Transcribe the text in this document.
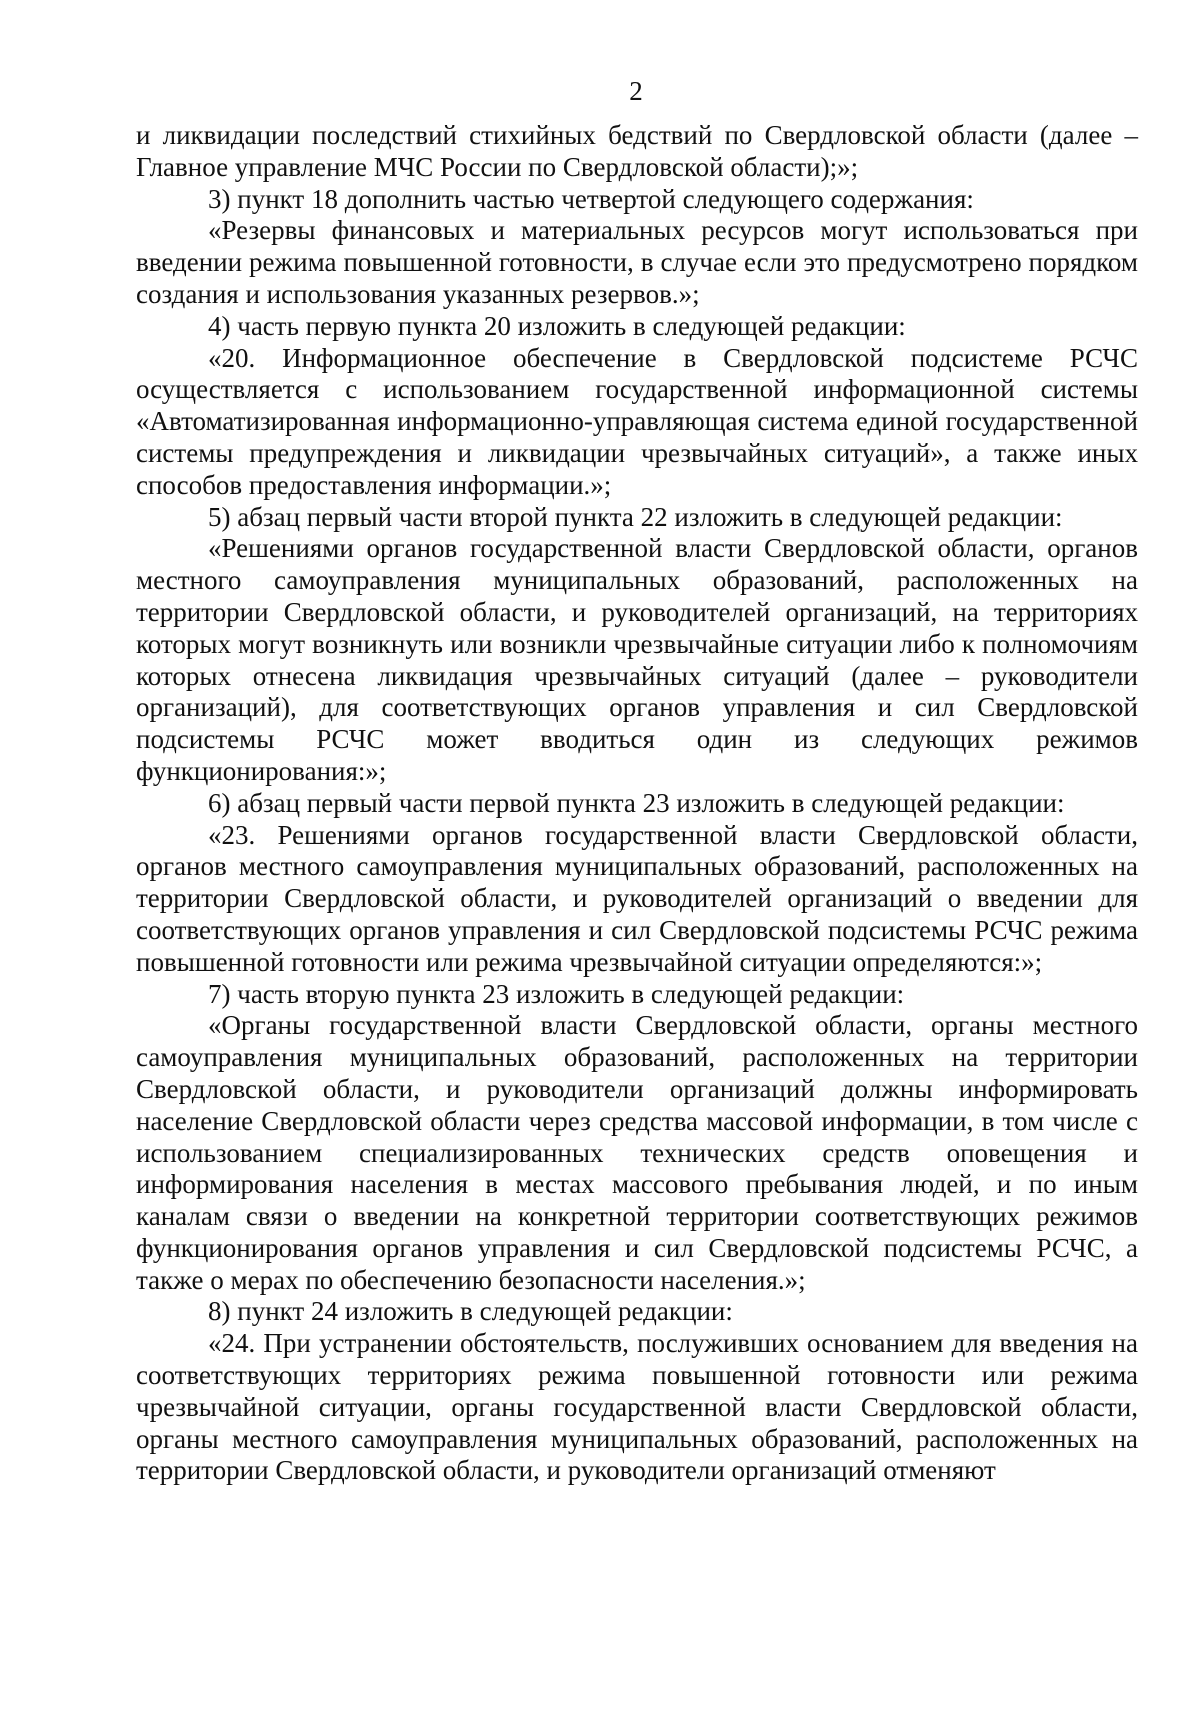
2

и ликвидации последствий стихийных бедствий по Свердловской области (далее – Главное управление МЧС России по Свердловской области);»;

3) пункт 18 дополнить частью четвертой следующего содержания:

«Резервы финансовых и материальных ресурсов могут использоваться при введении режима повышенной готовности, в случае если это предусмотрено порядком создания и использования указанных резервов.»;

4) часть первую пункта 20 изложить в следующей редакции:

«20. Информационное обеспечение в Свердловской подсистеме РСЧС осуществляется с использованием государственной информационной системы «Автоматизированная информационно-управляющая система единой государственной системы предупреждения и ликвидации чрезвычайных ситуаций», а также иных способов предоставления информации.»;

5) абзац первый части второй пункта 22 изложить в следующей редакции:

«Решениями органов государственной власти Свердловской области, органов местного самоуправления муниципальных образований, расположенных на территории Свердловской области, и руководителей организаций, на территориях которых могут возникнуть или возникли чрезвычайные ситуации либо к полномочиям которых отнесена ликвидация чрезвычайных ситуаций (далее – руководители организаций), для соответствующих органов управления и сил Свердловской подсистемы РСЧС может вводиться один из следующих режимов функционирования:»;

6) абзац первый части первой пункта 23 изложить в следующей редакции:

«23. Решениями органов государственной власти Свердловской области, органов местного самоуправления муниципальных образований, расположенных на территории Свердловской области, и руководителей организаций о введении для соответствующих органов управления и сил Свердловской подсистемы РСЧС режима повышенной готовности или режима чрезвычайной ситуации определяются:»;

7) часть вторую пункта 23 изложить в следующей редакции:

«Органы государственной власти Свердловской области, органы местного самоуправления муниципальных образований, расположенных на территории Свердловской области, и руководители организаций должны информировать население Свердловской области через средства массовой информации, в том числе с использованием специализированных технических средств оповещения и информирования населения в местах массового пребывания людей, и по иным каналам связи о введении на конкретной территории соответствующих режимов функционирования органов управления и сил Свердловской подсистемы РСЧС, а также о мерах по обеспечению безопасности населения.»;

8) пункт 24 изложить в следующей редакции:

«24. При устранении обстоятельств, послуживших основанием для введения на соответствующих территориях режима повышенной готовности или режима чрезвычайной ситуации, органы государственной власти Свердловской области, органы местного самоуправления муниципальных образований, расположенных на территории Свердловской области, и руководители организаций отменяют
